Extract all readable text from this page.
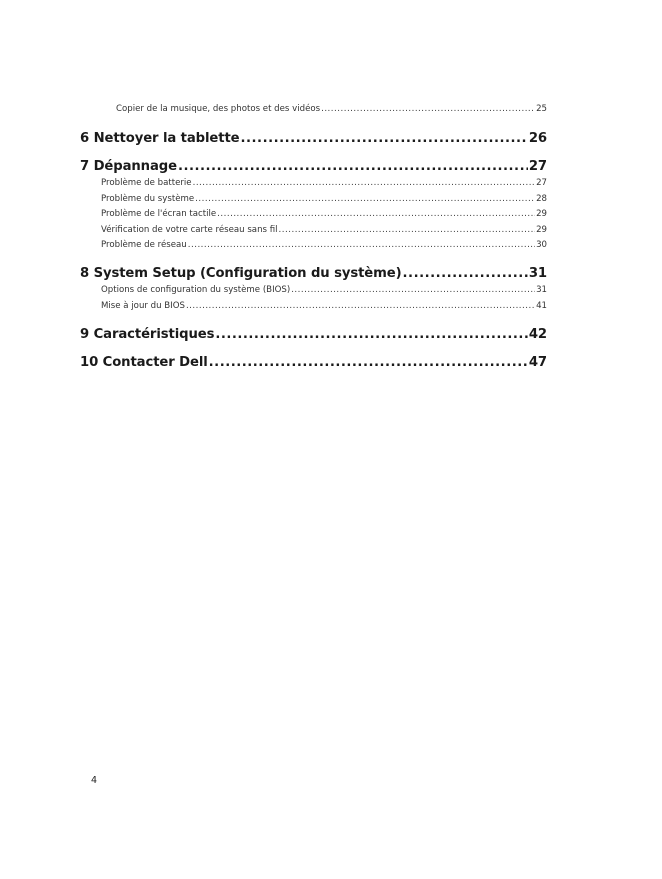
Copier de la musique, des photos et des vidéos .....	25
6 Nettoyer la tablette .....	26
7 Dépannage .....	27
Problème de batterie .....	27
Problème du système .....	28
Problème de l'écran tactile .....	29
Vérification de votre carte réseau sans fil .....	29
Problème de réseau .....	30
8 System Setup (Configuration du système) .....	31
Options de configuration du système (BIOS) .....	31
Mise à jour du BIOS .....	41
9 Caractéristiques .....	42
10 Contacter Dell .....	47
4
